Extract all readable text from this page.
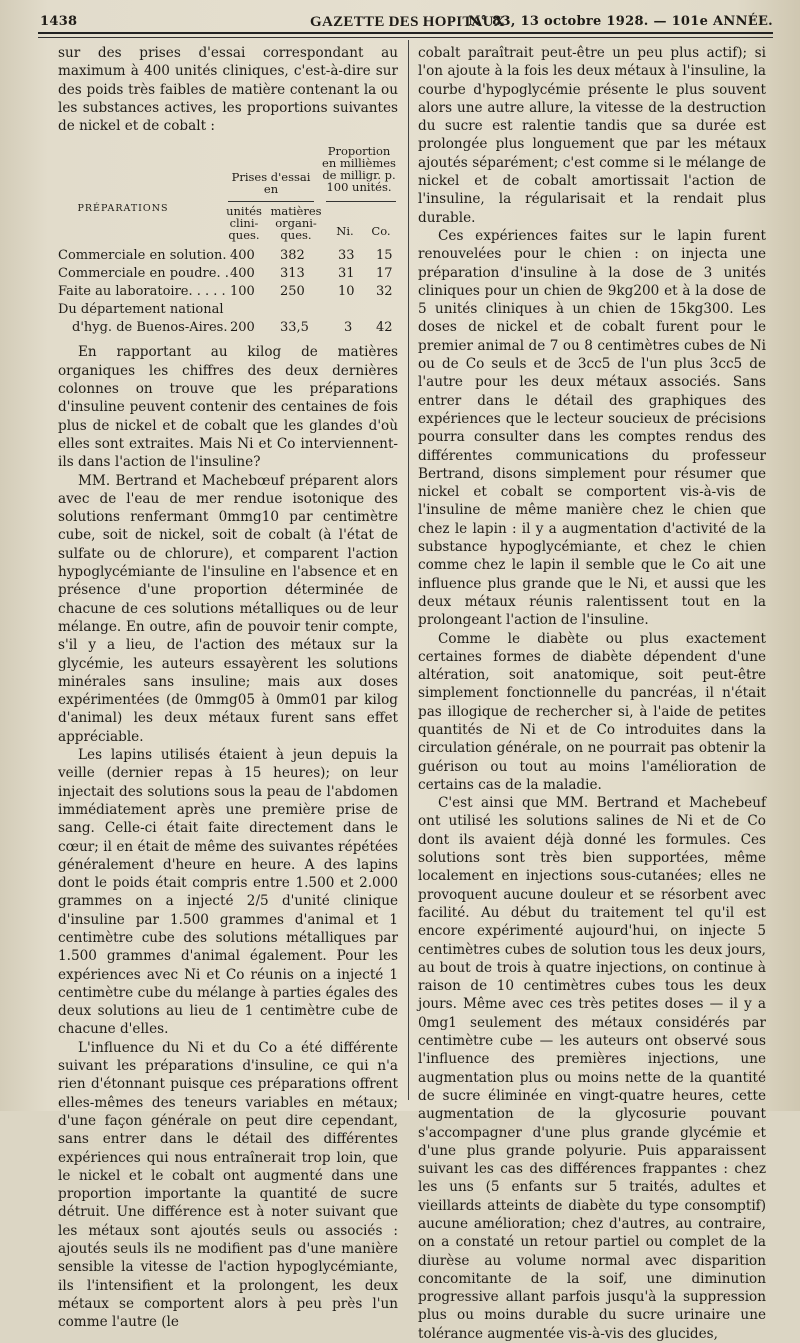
1438	GAZETTE DES HOPITAUX
N° 83, 13 octobre 1928. — 101e ANNÉE.

sur des prises d'essai correspondant au maximum à 400 unités cliniques, c'est-à-dire sur des poids très faibles de matière contenant la ou les substances actives, les proportions suivantes de nickel et de cobalt :

PRÉPARATIONS
Prises d'essai en
unités clini- ques.
matières organi- ques.
Proportion en millièmes de milligr. p. 100 unités.
Ni.	Co.
Commerciale en solution. 400 382	33 15
Commerciale en poudre. . 400 313	31 17
Faite au laboratoire. . . . . 100 250	10 32
Du département national
d'hyg. de Buenos-Aires. 200 33,5	3 42

En rapportant au kilog de matières organiques les chiffres des deux dernières colonnes on trouve que les préparations d'insuline peuvent contenir des centaines de fois plus de nickel et de cobalt que les glandes d'où elles sont extraites. Mais Ni et Co interviennent-ils dans l'action de l'insuline?

MM. Bertrand et Machebœuf préparent alors avec de l'eau de mer rendue isotonique des solutions renfermant 0mmg10 par centimètre cube, soit de nickel, soit de cobalt (à l'état de sulfate ou de chlorure), et comparent l'action hypoglycémiante de l'insuline en l'absence et en présence d'une proportion déterminée de chacune de ces solutions métalliques ou de leur mélange. En outre, afin de pouvoir tenir compte, s'il y a lieu, de l'action des métaux sur la glycémie, les auteurs essayèrent les solutions minérales sans insuline; mais aux doses expérimentées (de 0mmg05 à 0mm01 par kilog d'animal) les deux métaux furent sans effet appréciable.

Les lapins utilisés étaient à jeun depuis la veille (dernier repas à 15 heures); on leur injectait des solutions sous la peau de l'abdomen immédiatement après une première prise de sang. Celle-ci était faite directement dans le cœur; il en était de même des suivantes répétées généralement d'heure en heure. A des lapins dont le poids était compris entre 1.500 et 2.000 grammes on a injecté 2/5 d'unité clinique d'insuline par 1.500 grammes d'animal et 1 centimètre cube des solutions métalliques par 1.500 grammes d'animal également. Pour les expériences avec Ni et Co réunis on a injecté 1 centimètre cube du mélange à parties égales des deux solutions au lieu de 1 centimètre cube de chacune d'elles.

L'influence du Ni et du Co a été différente suivant les préparations d'insuline, ce qui n'a rien d'étonnant puisque ces préparations offrent elles-mêmes des teneurs variables en métaux; d'une façon générale on peut dire cependant, sans entrer dans le détail des différentes expériences qui nous entraînerait trop loin, que le nickel et le cobalt ont augmenté dans une proportion importante la quantité de sucre détruit. Une différence est à noter suivant que les métaux sont ajoutés seuls ou associés : ajoutés seuls ils ne modifient pas d'une manière sensible la vitesse de l'action hypoglycémiante, ils l'intensifient et la prolongent, les deux métaux se comportent alors à peu près l'un comme l'autre (le

cobalt paraîtrait peut-être un peu plus actif); si l'on ajoute à la fois les deux métaux à l'insuline, la courbe d'hypoglycémie présente le plus souvent alors une autre allure, la vitesse de la destruction du sucre est ralentie tandis que sa durée est prolongée plus longuement que par les métaux ajoutés séparément; c'est comme si le mélange de nickel et de cobalt amortissait l'action de l'insuline, la régularisait et la rendait plus durable.

Ces expériences faites sur le lapin furent renouvelées pour le chien : on injecta une préparation d'insuline à la dose de 3 unités cliniques pour un chien de 9kg200 et à la dose de 5 unités cliniques à un chien de 15kg300. Les doses de nickel et de cobalt furent pour le premier animal de 7 ou 8 centimètres cubes de Ni ou de Co seuls et de 3cc5 de l'un plus 3cc5 de l'autre pour les deux métaux associés. Sans entrer dans le détail des graphiques des expériences que le lecteur soucieux de précisions pourra consulter dans les comptes rendus des différentes communications du professeur Bertrand, disons simplement pour résumer que nickel et cobalt se comportent vis-à-vis de l'insuline de même manière chez le chien que chez le lapin : il y a augmentation d'activité de la substance hypoglycémiante, et chez le chien comme chez le lapin il semble que le Co ait une influence plus grande que le Ni, et aussi que les deux métaux réunis ralentissent tout en la prolongeant l'action de l'insuline.

Comme le diabète ou plus exactement certaines formes de diabète dépendent d'une altération, soit anatomique, soit peut-être simplement fonctionnelle du pancréas, il n'était pas illogique de rechercher si, à l'aide de petites quantités de Ni et de Co introduites dans la circulation générale, on ne pourrait pas obtenir la guérison ou tout au moins l'amélioration de certains cas de la maladie.

C'est ainsi que MM. Bertrand et Machebeuf ont utilisé les solutions salines de Ni et de Co dont ils avaient déjà donné les formules. Ces solutions sont très bien supportées, même localement en injections sous-cutanées; elles ne provoquent aucune douleur et se résorbent avec facilité. Au début du traitement tel qu'il est encore expérimenté aujourd'hui, on injecte 5 centimètres cubes de solution tous les deux jours, au bout de trois à quatre injections, on continue à raison de 10 centimètres cubes tous les deux jours. Même avec ces très petites doses — il y a 0mg1 seulement des métaux considérés par centimètre cube — les auteurs ont observé sous l'influence des premières injections, une augmentation plus ou moins nette de la quantité de sucre éliminée en vingt-quatre heures, cette augmentation de la glycosurie pouvant s'accompagner d'une plus grande glycémie et d'une plus grande polyurie. Puis apparaissent suivant les cas des différences frappantes : chez les uns (5 enfants sur 5 traités, adultes et vieillards atteints de diabète du type consomptif) aucune amélioration; chez d'autres, au contraire, on a constaté un retour partiel ou complet de la diurèse au volume normal avec disparition concomitante de la soif, une diminution progressive allant parfois jusqu'à la suppression plus ou moins durable du sucre urinaire une tolérance augmentée vis-à-vis des glucides,
